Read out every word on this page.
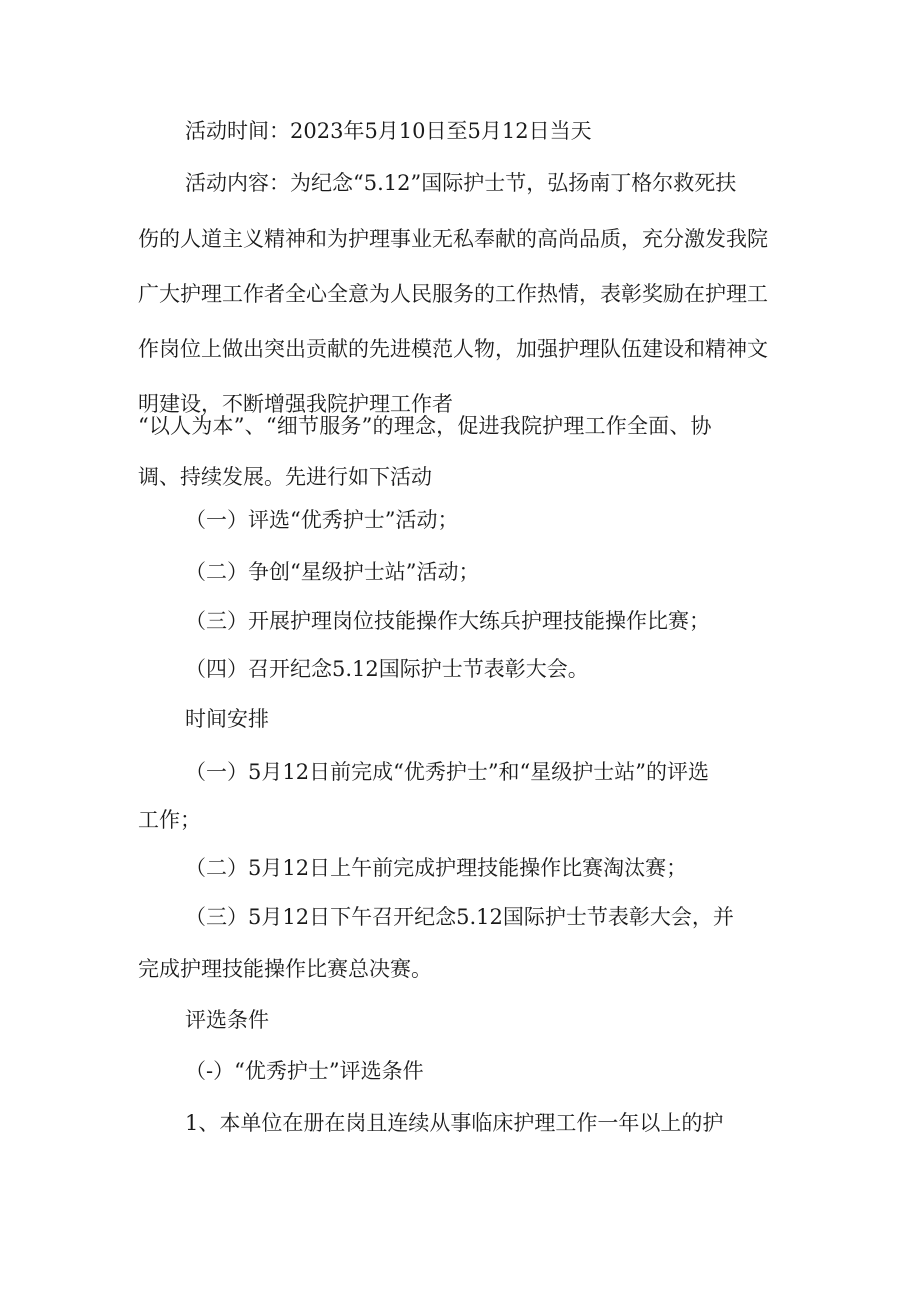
活动时间：2023年5月10日至5月12日当天
活动内容：为纪念“5.12”国际护士节，弘扬南丁格尔救死扶
伤的人道主义精神和为护理事业无私奉献的高尚品质，充分激发我院
广大护理工作者全心全意为人民服务的工作热情，表彰奖励在护理工
作岗位上做出突出贡献的先进模范人物，加强护理队伍建设和精神文
明建设，不断增强我院护理工作者
“以人为本”、“细节服务”的理念，促进我院护理工作全面、协
调、持续发展。先进行如下活动
（一）评选“优秀护士”活动；
（二）争创“星级护士站”活动；
（三）开展护理岗位技能操作大练兵护理技能操作比赛；
（四）召开纪念5.12国际护士节表彰大会。
时间安排
（一）5月12日前完成“优秀护士”和“星级护士站”的评选
工作；
（二）5月12日上午前完成护理技能操作比赛淘汰赛；
（三）5月12日下午召开纪念5.12国际护士节表彰大会，并
完成护理技能操作比赛总决赛。
评选条件
（-）“优秀护士”评选条件
1、本单位在册在岗且连续从事临床护理工作一年以上的护
